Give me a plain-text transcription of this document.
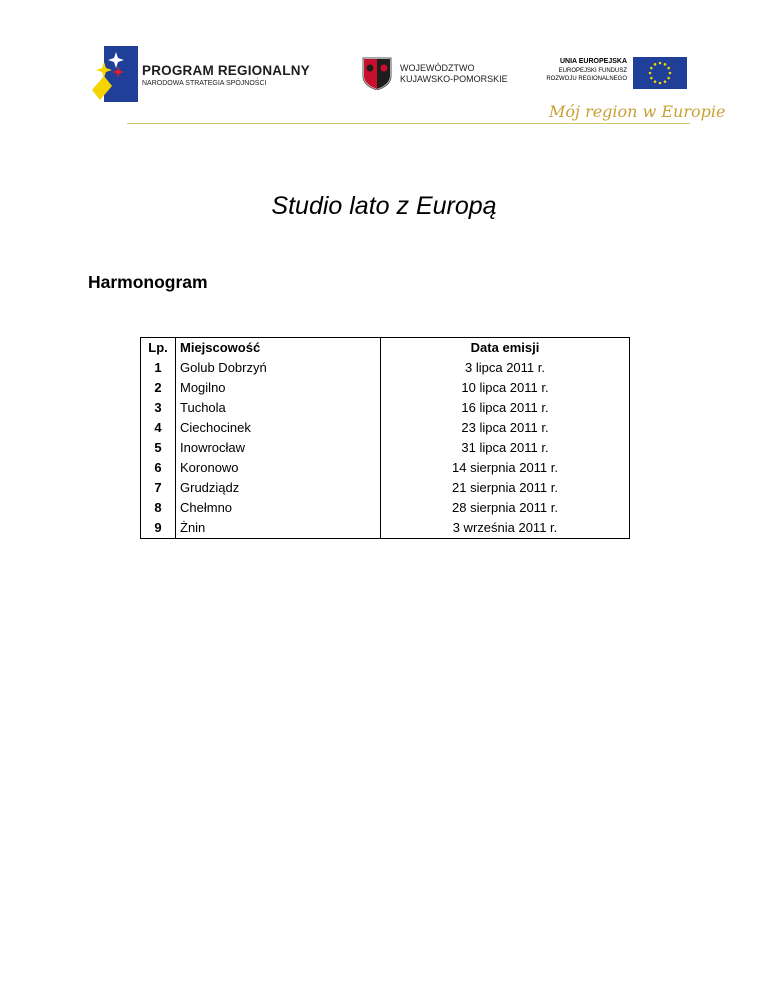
PROGRAM REGIONALNY
NARODOWA STRATEGIA SPÓJNOŚCI
WOJEWÓDZTWO
KUJAWSKO-POMORSKIE
UNIA EUROPEJSKA
EUROPEJSKI FUNDUSZ
ROZWOJU REGIONALNEGO
Mój region w Europie
Studio lato z Europą
Harmonogram
Lp.	Miejscowość	Data emisji
1	Golub Dobrzyń	3 lipca 2011 r.
2	Mogilno	10 lipca 2011 r.
3	Tuchola	16 lipca 2011 r.
4	Ciechocinek	23 lipca 2011 r.
5	Inowrocław	31 lipca 2011 r.
6	Koronowo	14 sierpnia 2011 r.
7	Grudziądz	21 sierpnia 2011 r.
8	Chełmno	28 sierpnia 2011 r.
9	Żnin	3 września 2011 r.
